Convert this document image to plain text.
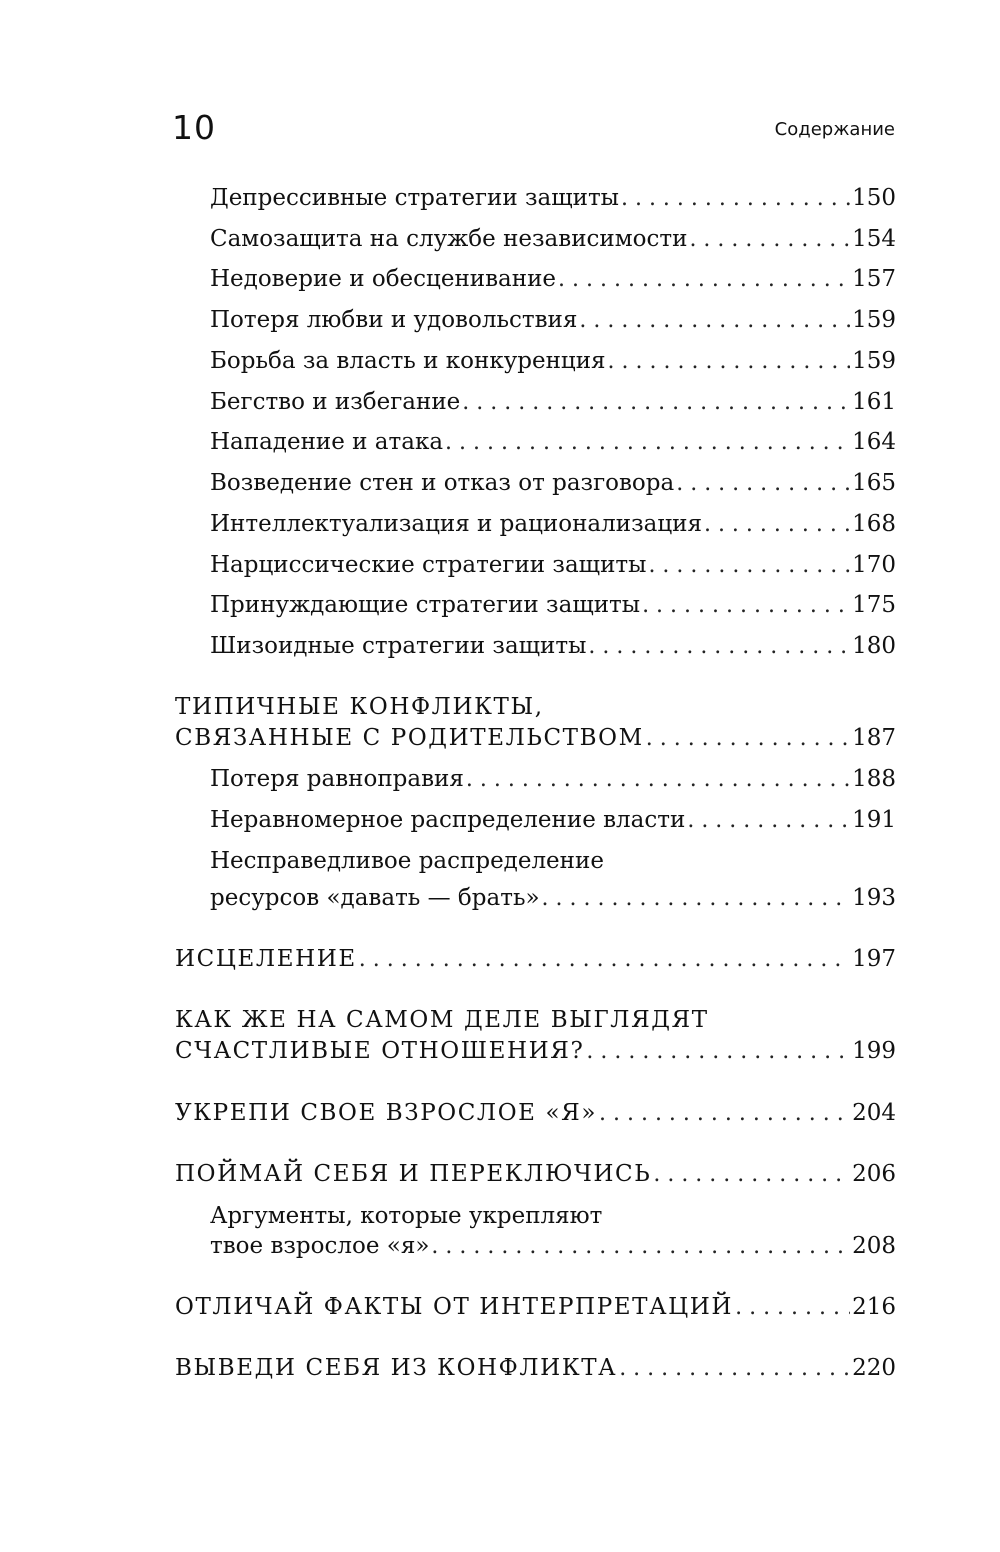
10	Содержание
Депрессивные стратегии защиты . . .	150
Самозащита на службе независимости . . .	154
Недоверие и обесценивание . . .	157
Потеря любви и удовольствия . . .	159
Борьба за власть и конкуренция . . .	159
Бегство и избегание . . .	161
Нападение и атака . . .	164
Возведение стен и отказ от разговора . . .	165
Интеллектуализация и рационализация . . .	168
Нарциссические стратегии защиты . . .	170
Принуждающие стратегии защиты . . .	175
Шизоидные стратегии защиты . . .	180
ТИПИЧНЫЕ КОНФЛИКТЫ,
СВЯЗАННЫЕ С РОДИТЕЛЬСТВОМ . . .	187
Потеря равноправия . . .	188
Неравномерное распределение власти . . .	191
Несправедливое распределение
ресурсов «давать — брать» . . .	193
ИСЦЕЛЕНИЕ . . .	197
КАК ЖЕ НА САМОМ ДЕЛЕ ВЫГЛЯДЯТ
СЧАСТЛИВЫЕ ОТНОШЕНИЯ? . . .	199
УКРЕПИ СВОЕ ВЗРОСЛОЕ «Я» . . .	204
ПОЙМАЙ СЕБЯ И ПЕРЕКЛЮЧИСЬ . . .	206
Аргументы, которые укрепляют
твое взрослое «я» . . .	208
ОТЛИЧАЙ ФАКТЫ ОТ ИНТЕРПРЕТАЦИЙ . . .	216
ВЫВЕДИ СЕБЯ ИЗ КОНФЛИКТА . . .	220
